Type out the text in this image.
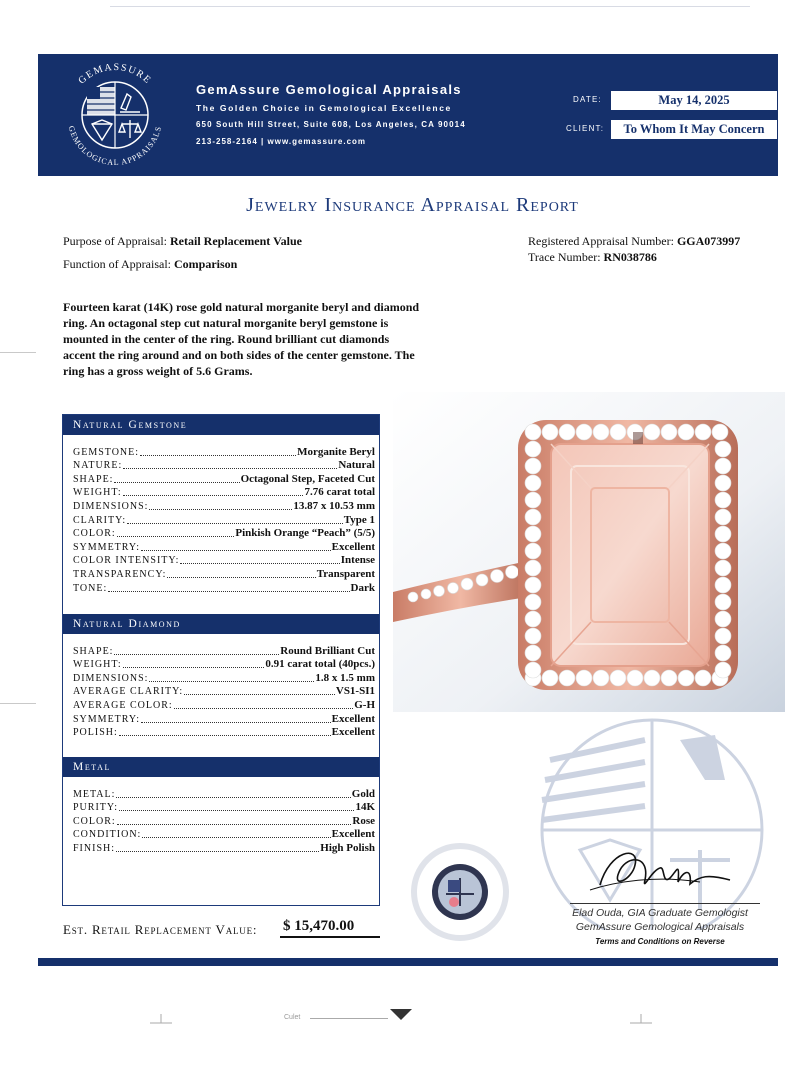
GEMASSURE
GEMOLOGICAL APPRAISALS
GemAssure Gemological Appraisals
The Golden Choice in Gemological Excellence
650 South Hill Street, Suite 608, Los Angeles, CA 90014
213-258-2164 | www.gemassure.com
DATE:	May 14, 2025
CLIENT:	To Whom It May Concern
Jewelry Insurance Appraisal Report
Purpose of Appraisal: Retail Replacement Value
Function of Appraisal: Comparison
Registered Appraisal Number: GGA073997
Trace Number: RN038786
Fourteen karat (14K) rose gold natural morganite beryl and diamond ring. An octagonal step cut natural morganite beryl gemstone is mounted in the center of the ring. Round brilliant cut diamonds accent the ring around and on both sides of the center gemstone. The ring has a gross weight of 5.6 Grams.
Natural Gemstone
GEMSTONE:	Morganite Beryl
NATURE:	Natural
SHAPE:	Octagonal Step, Faceted Cut
WEIGHT:	7.76 carat total
DIMENSIONS:	13.87 x 10.53 mm
CLARITY:	Type 1
COLOR:	Pinkish Orange “Peach” (5/5)
SYMMETRY:	Excellent
COLOR INTENSITY:	Intense
TRANSPARENCY:	Transparent
TONE:	Dark
Natural Diamond
SHAPE:	Round Brilliant Cut
WEIGHT:	0.91 carat total (40pcs.)
DIMENSIONS:	1.8 x 1.5 mm
AVERAGE CLARITY:	VS1-SI1
AVERAGE COLOR:	G-H
SYMMETRY:	Excellent
POLISH:	Excellent
Metal
METAL:	Gold
PURITY:	14K
COLOR:	Rose
CONDITION:	Excellent
FINISH:	High Polish
Elad Ouda, GIA Graduate Gemologist
GemAssure Gemological Appraisals
Terms and Conditions on Reverse
Est. Retail Replacement Value: $ 15,470.00
Culet
